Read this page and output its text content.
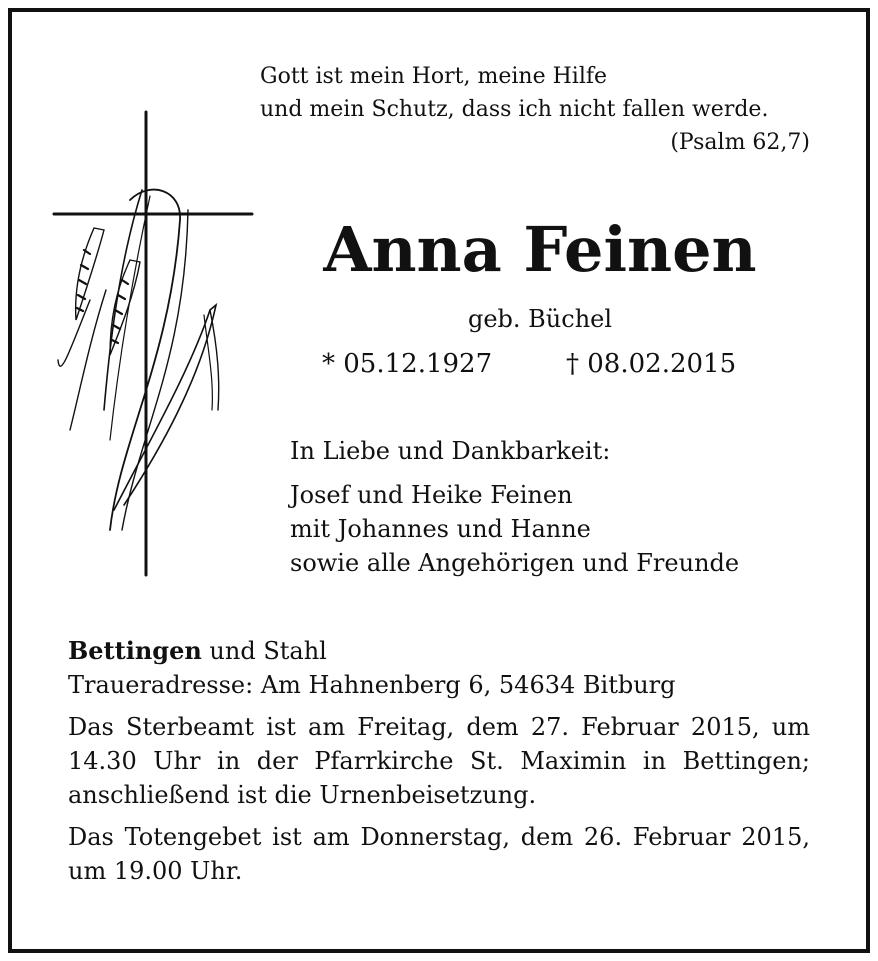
Gott ist mein Hort, meine Hilfe
und mein Schutz, dass ich nicht fallen werde.
(Psalm 62,7)
Anna Feinen
geb. Büchel
* 05.12.1927	† 08.02.2015
In Liebe und Dankbarkeit:
Josef und Heike Feinen
mit Johannes und Hanne
sowie alle Angehörigen und Freunde
Bettingen und Stahl
Traueradresse: Am Hahnenberg 6, 54634 Bitburg
Das Sterbeamt ist am Freitag, dem 27. Februar 2015, um 14.30 Uhr in der Pfarrkirche St. Maximin in Bettingen; anschließend ist die Urnenbeisetzung.
Das Totengebet ist am Donnerstag, dem 26. Februar 2015, um 19.00 Uhr.
